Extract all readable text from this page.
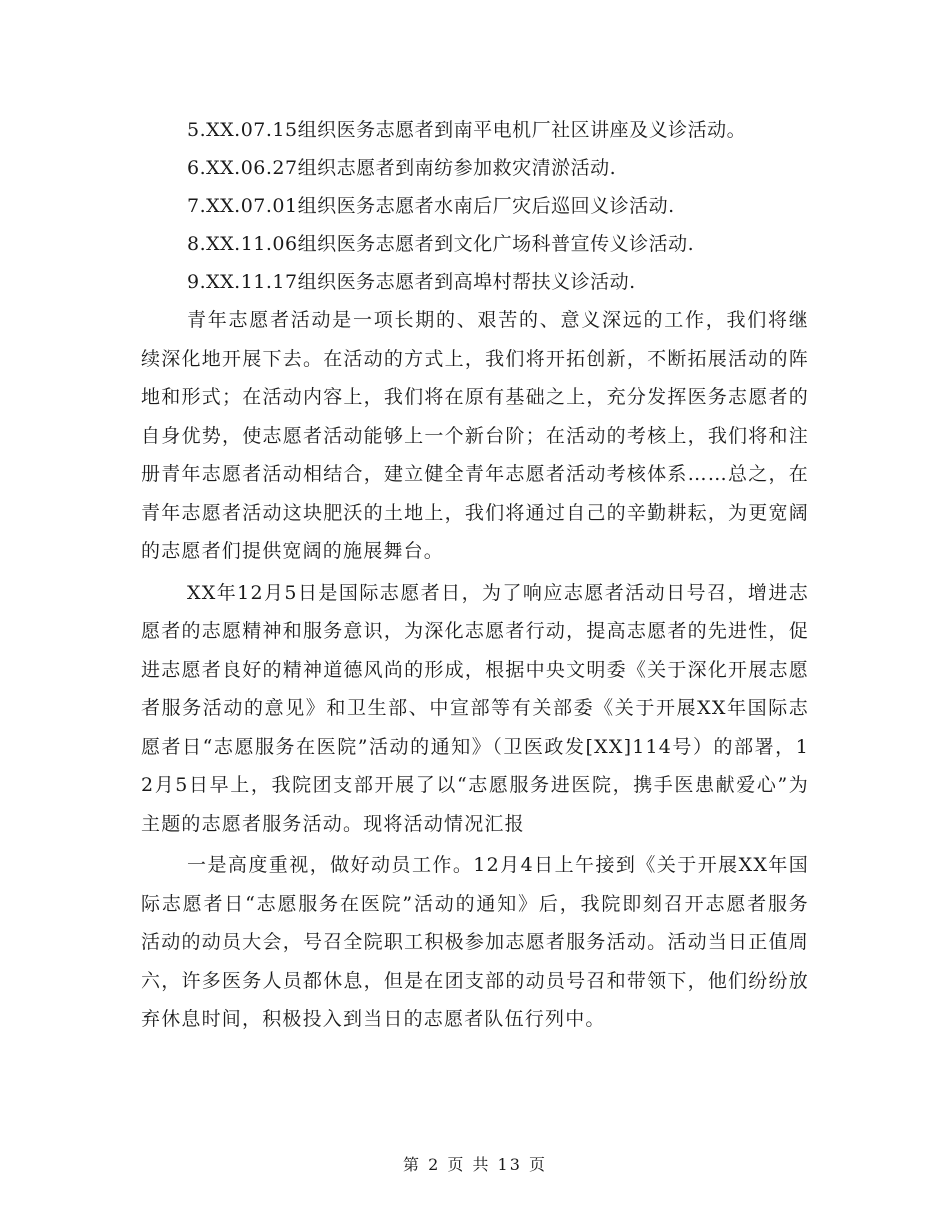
5.XX.07.15组织医务志愿者到南平电机厂社区讲座及义诊活动。
6.XX.06.27组织志愿者到南纺参加救灾清淤活动.
7.XX.07.01组织医务志愿者水南后厂灾后巡回义诊活动.
8.XX.11.06组织医务志愿者到文化广场科普宣传义诊活动.
9.XX.11.17组织医务志愿者到高埠村帮扶义诊活动.

青年志愿者活动是一项长期的、艰苦的、意义深远的工作，我们将继续深化地开展下去。在活动的方式上，我们将开拓创新，不断拓展活动的阵地和形式；在活动内容上，我们将在原有基础之上，充分发挥医务志愿者的自身优势，使志愿者活动能够上一个新台阶；在活动的考核上，我们将和注册青年志愿者活动相结合，建立健全青年志愿者活动考核体系……总之，在青年志愿者活动这块肥沃的土地上，我们将通过自己的辛勤耕耘，为更宽阔的志愿者们提供宽阔的施展舞台。

XX年12月5日是国际志愿者日，为了响应志愿者活动日号召，增进志愿者的志愿精神和服务意识，为深化志愿者行动，提高志愿者的先进性，促进志愿者良好的精神道德风尚的形成，根据中央文明委《关于深化开展志愿者服务活动的意见》和卫生部、中宣部等有关部委《关于开展XX年国际志愿者日“志愿服务在医院”活动的通知》（卫医政发[XX]114号）的部署，12月5日早上，我院团支部开展了以“志愿服务进医院，携手医患献爱心”为主题的志愿者服务活动。现将活动情况汇报

一是高度重视，做好动员工作。12月4日上午接到《关于开展XX年国际志愿者日“志愿服务在医院”活动的通知》后，我院即刻召开志愿者服务活动的动员大会，号召全院职工积极参加志愿者服务活动。活动当日正值周六，许多医务人员都休息，但是在团支部的动员号召和带领下，他们纷纷放弃休息时间，积极投入到当日的志愿者队伍行列中。

第 2 页 共 13 页
